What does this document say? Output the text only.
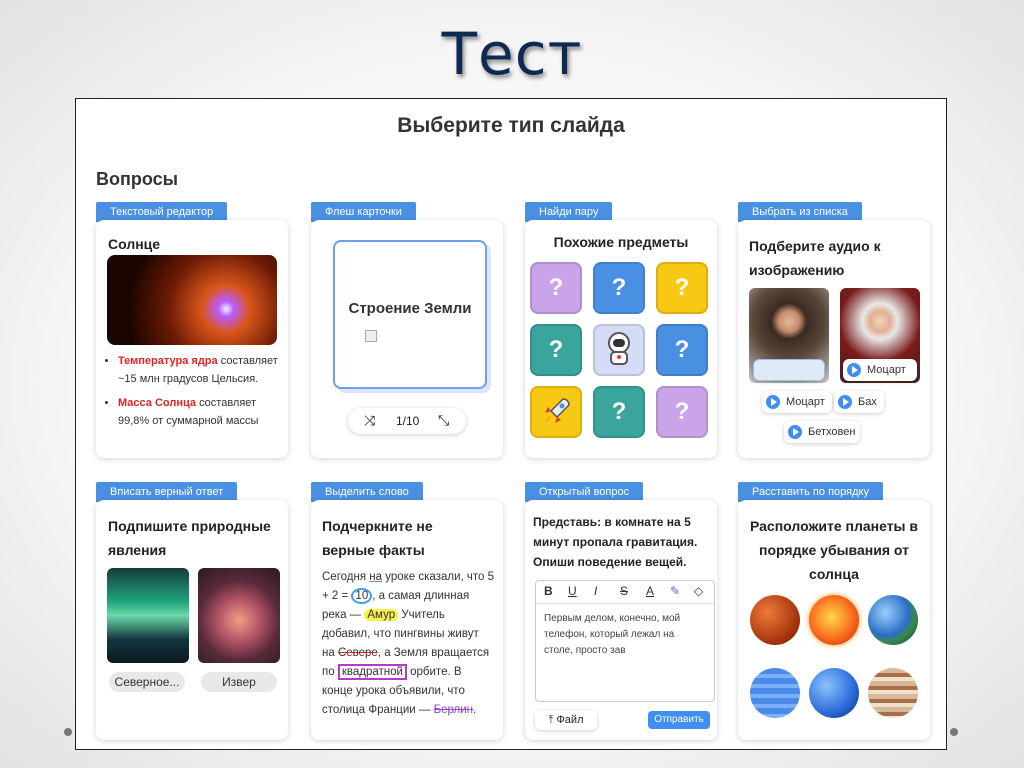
Тест
Выберите тип слайда
Вопросы
Текстовый редактор
Солнце
• Температура ядра составляет ~15 млн градусов Цельсия.
• Масса Солнца составляет 99,8% от суммарной массы
Флеш карточки
Строение Земли
⤨ 1/10 ⤡
Найди пару
Похожие предметы
?	?	?
?	?
?	?
Выбрать из списка
Подберите аудио к изображению
Моцарт
Моцарт	Бах
Бетховен
Вписать верный ответ
Подпишите природные явления
Северное...	Извер
Выделить слово
Подчеркните не верные факты
Сегодня на уроке сказали, что 5 + 2 = 10 , а самая длинная река — Амур Учитель добавил, что пингвины живут на Севере, а Земля вращается по квадратной орбите. В конце урока объявили, что столица Франции — Берлин.
Открытый вопрос
Представь: в комнате на 5 минут пропала гравитация. Опиши поведение вещей.
B U I S A ✎ ◇
Первым делом, конечно, мой телефон, который лежал на столе, просто зав
⤒ Файл	Отправить
Расставить по порядку
Расположите планеты в порядке убывания от солнца
